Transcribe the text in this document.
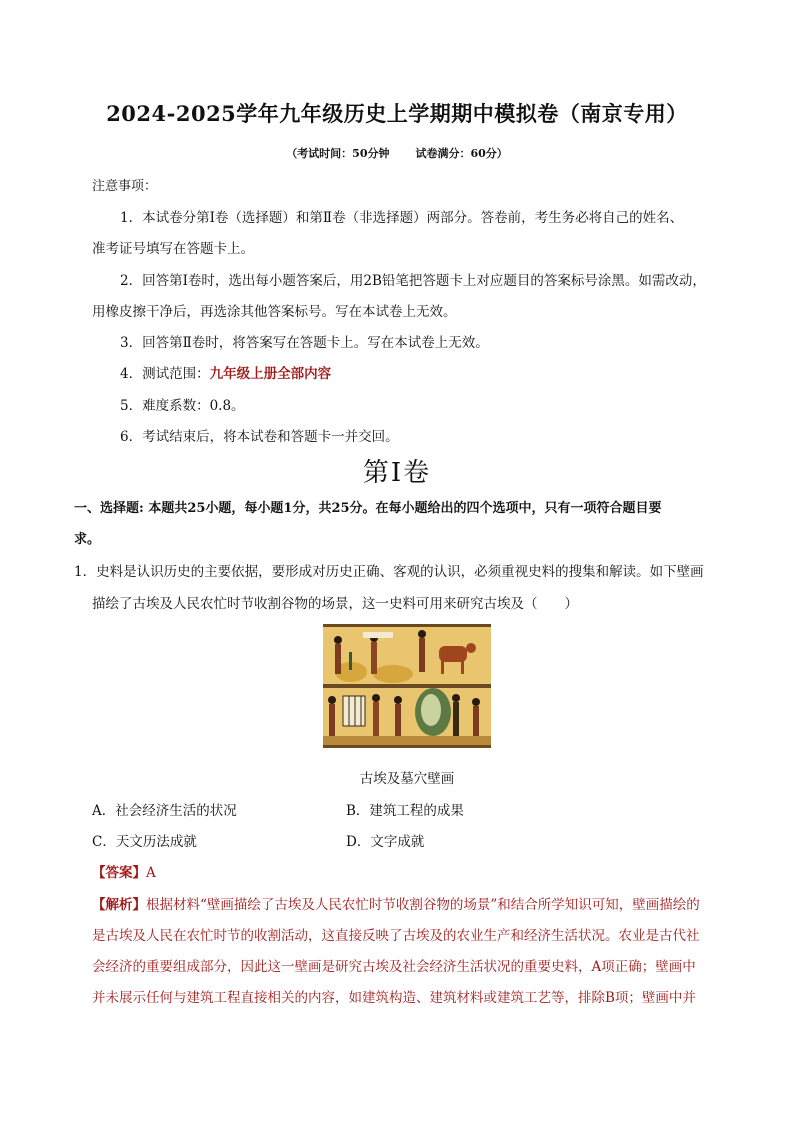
2024-2025学年九年级历史上学期期中模拟卷（南京专用）
（考试时间：50分钟 试卷满分：60分）
注意事项：
1．本试卷分第Ⅰ卷（选择题）和第Ⅱ卷（非选择题）两部分。答卷前，考生务必将自己的姓名、
准考证号填写在答题卡上。
2．回答第Ⅰ卷时，选出每小题答案后，用2B铅笔把答题卡上对应题目的答案标号涂黑。如需改动，
用橡皮擦干净后，再选涂其他答案标号。写在本试卷上无效。
3．回答第Ⅱ卷时，将答案写在答题卡上。写在本试卷上无效。
4．测试范围：九年级上册全部内容
5．难度系数：0.8。
6．考试结束后，将本试卷和答题卡一并交回。
第Ⅰ卷
一、选择题: 本题共25小题，每小题1分，共25分。在每小题给出的四个选项中，只有一项符合题目要
求。
1．史料是认识历史的主要依据，要形成对历史正确、客观的认识，必须重视史料的搜集和解读。如下壁画
描绘了古埃及人民农忙时节收割谷物的场景，这一史料可用来研究古埃及（　　）
古埃及墓穴壁画
A．社会经济生活的状况	B．建筑工程的成果
C．天文历法成就	D．文字成就
【答案】A
【解析】根据材料“壁画描绘了古埃及人民农忙时节收割谷物的场景”和结合所学知识可知，壁画描绘的
是古埃及人民在农忙时节的收割活动，这直接反映了古埃及的农业生产和经济生活状况。农业是古代社
会经济的重要组成部分，因此这一壁画是研究古埃及社会经济生活状况的重要史料，A项正确；壁画中
并未展示任何与建筑工程直接相关的内容，如建筑构造、建筑材料或建筑工艺等，排除B项；壁画中并
